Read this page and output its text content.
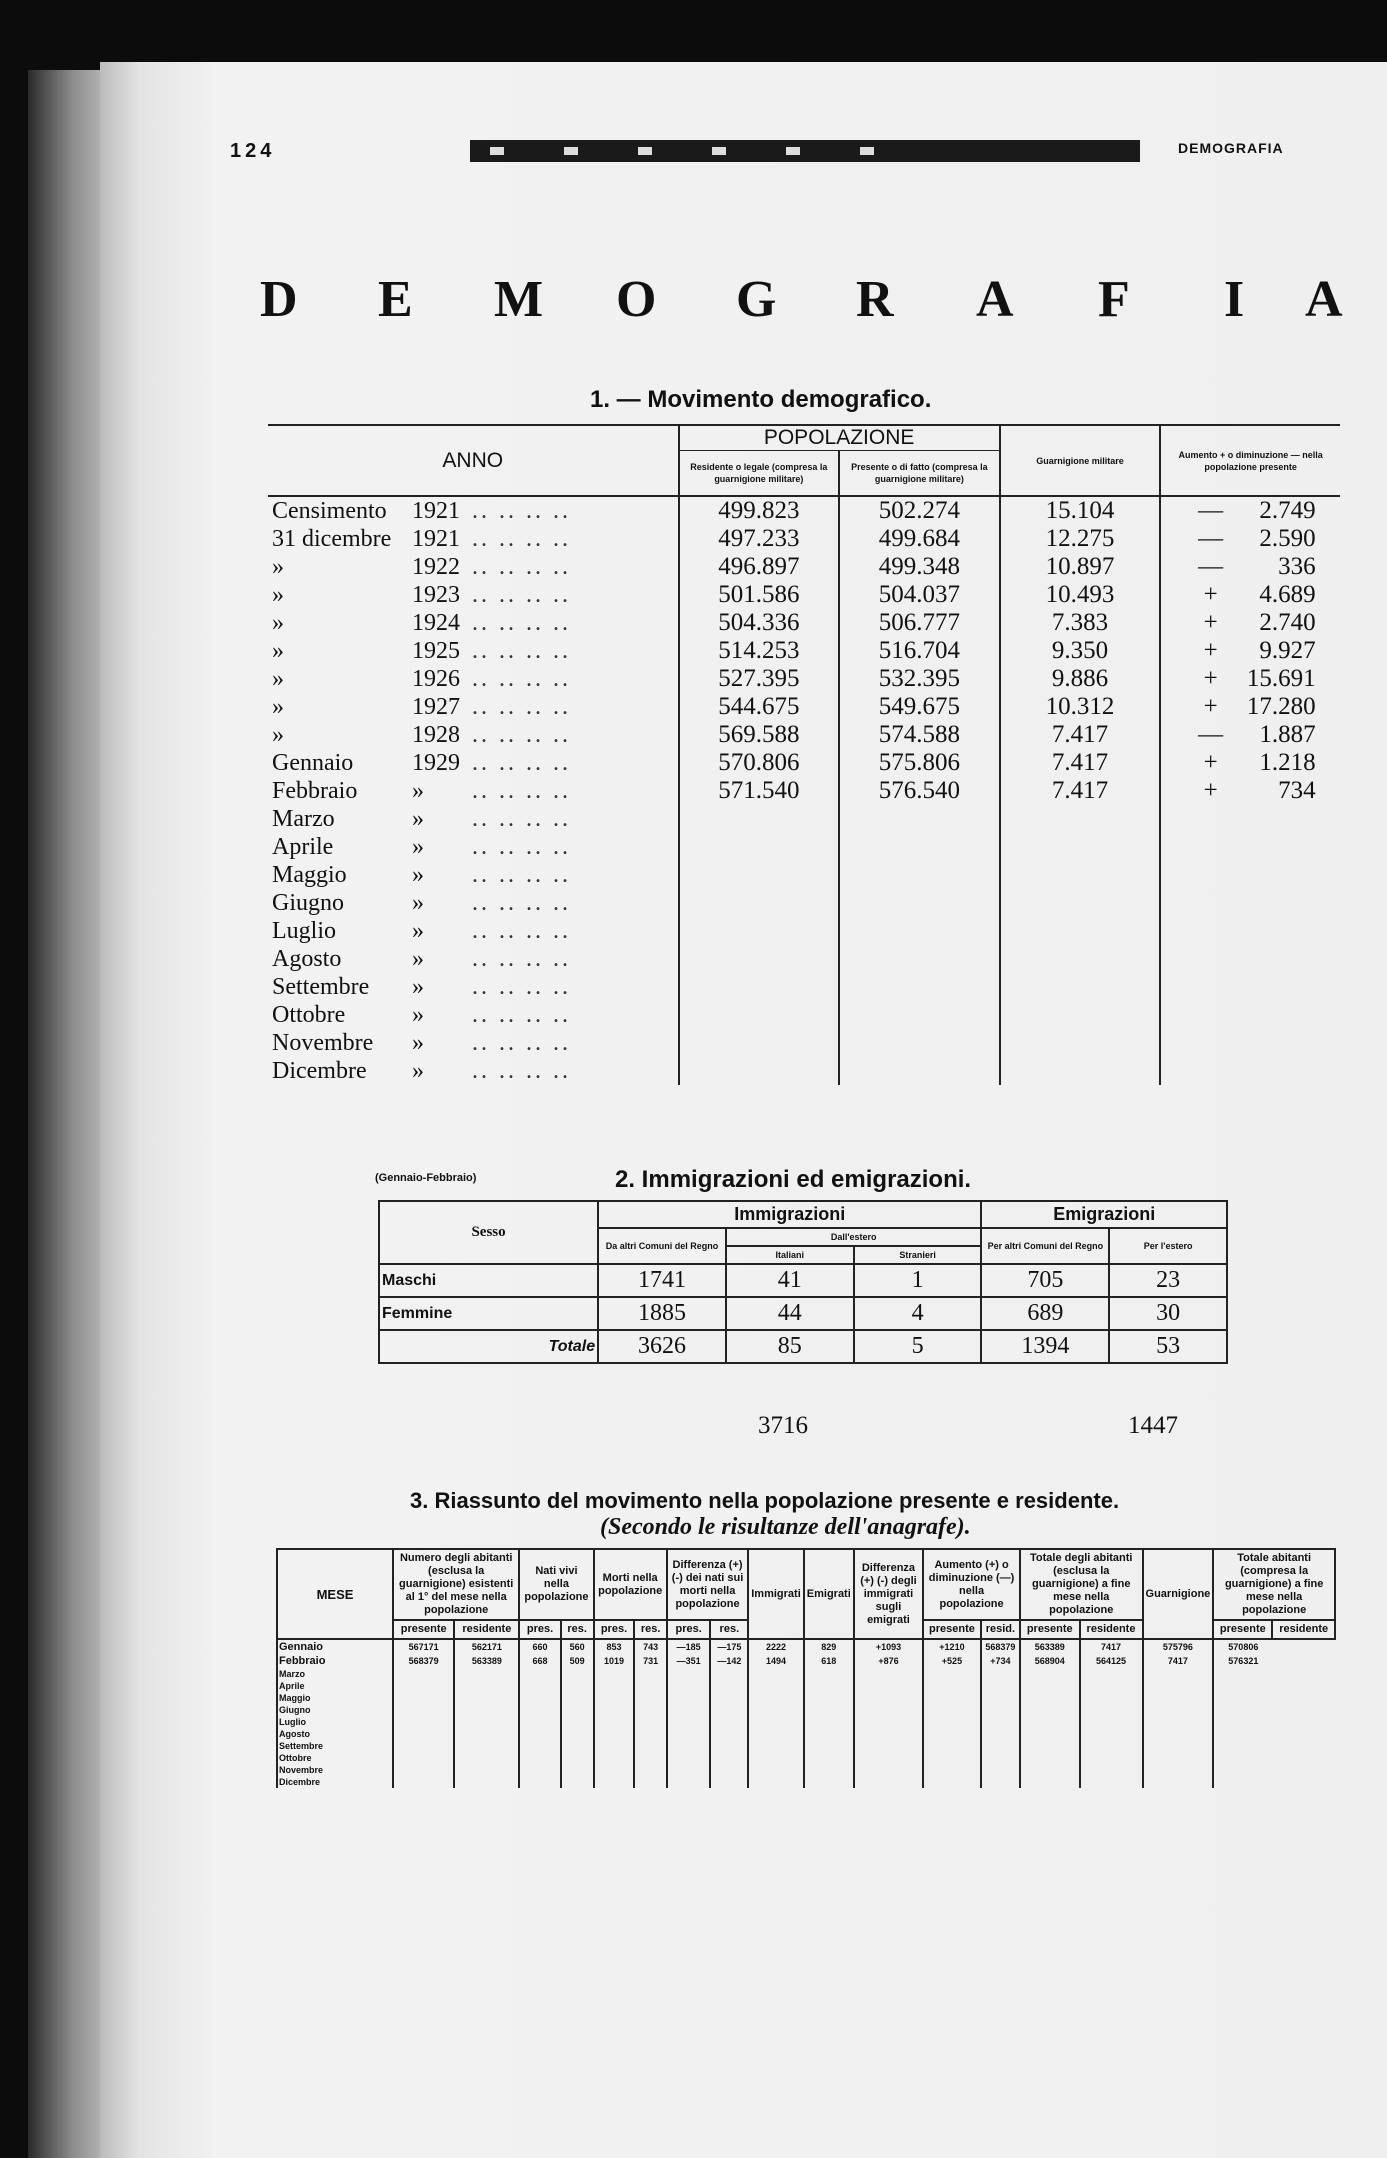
124	DEMOGRAFIA
D E M O G R A F I A
1. — Movimento demografico.
ANNO	POPOLAZIONE		Guarnigione militare	Aumento + o diminuzione — nella popolazione presente
	Residente o legale (compresa la guarnigione militare)	Presente o di fatto (compresa la guarnigione militare)		
Censimento 1921 .. .. .. ..	499.823	502.274	15.104	— 2.749
31 dicembre 1921 .. .. .. ..	497.233	499.684	12.275	— 2.590
» 1922 .. .. .. ..	496.897	499.348	10.897	— 336
» 1923 .. .. .. ..	501.586	504.037	10.493	+ 4.689
» 1924 .. .. .. ..	504.336	506.777	7.383	+ 2.740
» 1925 .. .. .. ..	514.253	516.704	9.350	+ 9.927
» 1926 .. .. .. ..	527.395	532.395	9.886	+ 15.691
» 1927 .. .. .. ..	544.675	549.675	10.312	+ 17.280
» 1928 .. .. .. ..	569.588	574.588	7.417	— 1.887
Gennaio 1929 .. .. .. ..	570.806	575.806	7.417	+ 1.218
Febbraio » .. .. .. ..	571.540	576.540	7.417	+ 734
Marzo » .. .. .. ..				
Aprile » .. .. .. ..				
Maggio » .. .. .. ..				
Giugno » .. .. .. ..				
Luglio » .. .. .. ..				
Agosto » .. .. .. ..				
Settembre » .. .. .. ..				
Ottobre » .. .. .. ..				
Novembre » .. .. .. ..				
Dicembre » .. .. .. ..				
(Gennaio-Febbraio)	2. Immigrazioni ed emigrazioni.
Sesso	Immigrazioni			Emigrazioni	
	Da altri Comuni del Regno	Dall'estero		Per altri Comuni del Regno	Per l'estero
		Italiani	Stranieri		
Maschi	1741	41	1	705	23
Femmine	1885	44	4	689	30
Totale	3626	85	5	1394	53
3716	1447
3. Riassunto del movimento nella popolazione presente e residente.
(Secondo le risultanze dell'anagrafe).
MESE	Numero degli abitanti (esclusa la guarnigione) esistenti al 1° del mese nella popolazione		Nati vivi nella popolazione		Morti nella popolazione		Differenza (+) (-) dei nati sui morti nella popolazione		Immigrati	Emigrati	Differenza (+) (-) degli immigrati sugli emigrati	Aumento (+) o diminuzione (—) nella popolazione		Totale degli abitanti (esclusa la guarnigione) a fine mese nella popolazione		Guarnigione	Totale abitanti (compresa la guarnigione) a fine mese nella popolazione	
	presente	residente	pres.	res.	pres.	res.	pres.	res.				presente	resid.	presente	residente		presente	residente
Gennaio	567171	562171	660	560	853	743	—185	—175	2222	829	+1093	+1210	568379	563389	7417	575796	570806	
Febbraio	568379	563389	668	509	1019	731	—351	—142	1494	618	+876	+525	+734	568904	564125	7417	576321	
Marzo																		
Aprile																		
Maggio																		
Giugno																		
Luglio																		
Agosto																		
Settembre																		
Ottobre																		
Novembre																		
Dicembre																		
